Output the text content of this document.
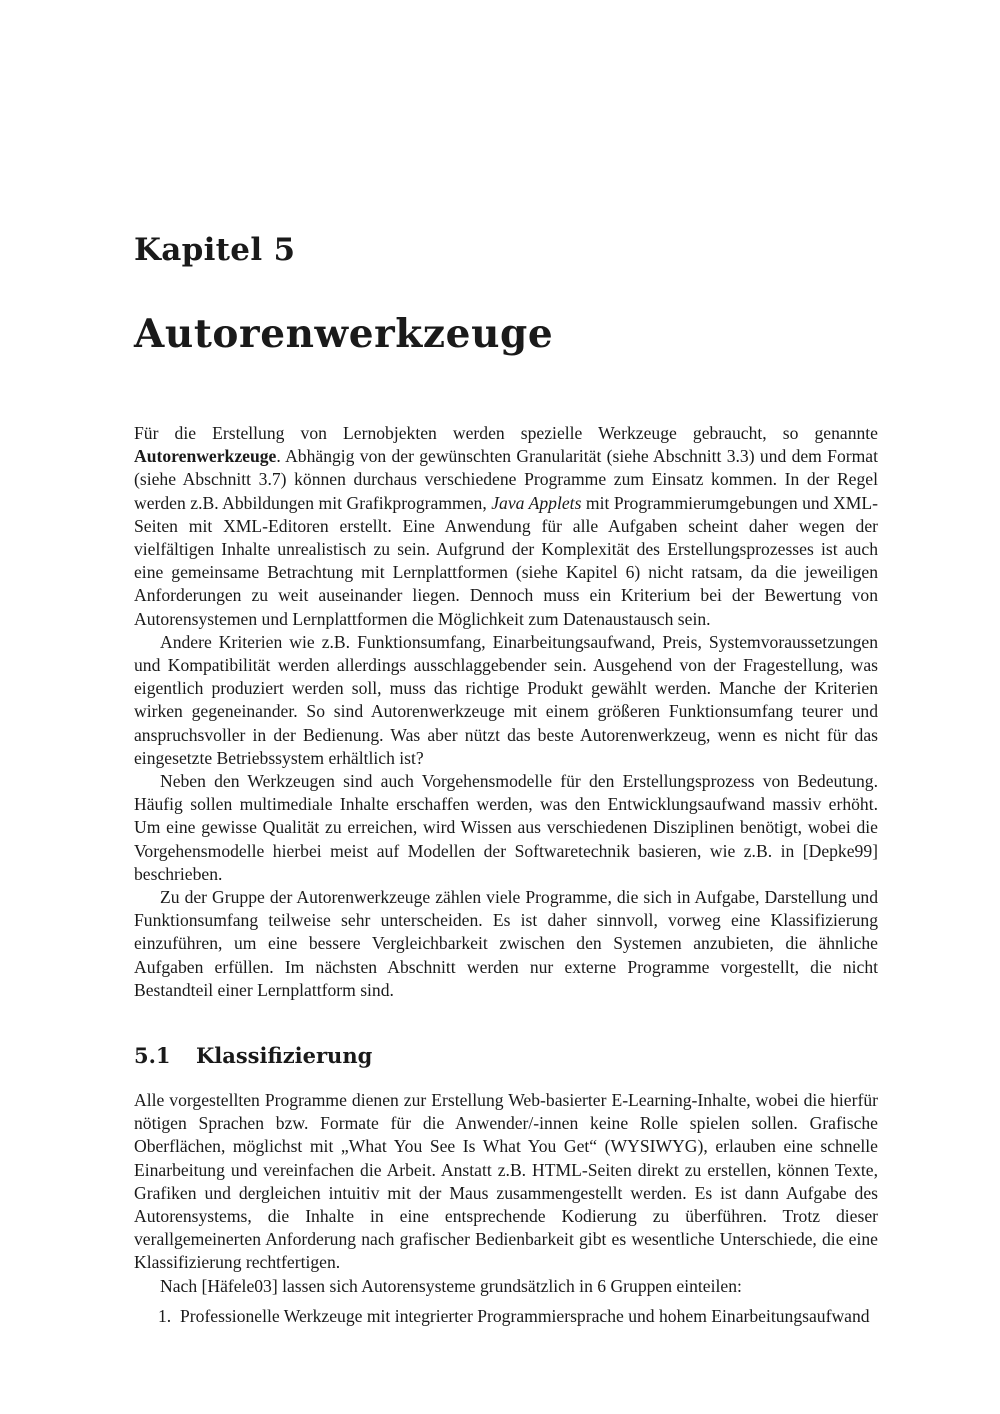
Kapitel 5
Autorenwerkzeuge

Für die Erstellung von Lernobjekten werden spezielle Werkzeuge gebraucht, so genannte Autorenwerkzeuge. Abhängig von der gewünschten Granularität (siehe Abschnitt 3.3) und dem Format (siehe Abschnitt 3.7) können durchaus verschiedene Programme zum Einsatz kommen. In der Regel werden z.B. Abbildungen mit Grafikprogrammen, Java Applets mit Programmierumgebungen und XML-Seiten mit XML-Editoren erstellt. Eine Anwendung für alle Aufgaben scheint daher wegen der vielfältigen Inhalte unrealistisch zu sein. Aufgrund der Komplexität des Erstellungsprozesses ist auch eine gemeinsame Betrachtung mit Lernplattformen (siehe Kapitel 6) nicht ratsam, da die jeweiligen Anforderungen zu weit auseinander liegen. Dennoch muss ein Kriterium bei der Bewertung von Autorensystemen und Lernplattformen die Möglichkeit zum Datenaustausch sein.

Andere Kriterien wie z.B. Funktionsumfang, Einarbeitungsaufwand, Preis, Systemvoraussetzungen und Kompatibilität werden allerdings ausschlaggebender sein. Ausgehend von der Fragestellung, was eigentlich produziert werden soll, muss das richtige Produkt gewählt werden. Manche der Kriterien wirken gegeneinander. So sind Autorenwerkzeuge mit einem größeren Funktionsumfang teurer und anspruchsvoller in der Bedienung. Was aber nützt das beste Autorenwerkzeug, wenn es nicht für das eingesetzte Betriebssystem erhältlich ist?

Neben den Werkzeugen sind auch Vorgehensmodelle für den Erstellungsprozess von Bedeutung. Häufig sollen multimediale Inhalte erschaffen werden, was den Entwicklungsaufwand massiv erhöht. Um eine gewisse Qualität zu erreichen, wird Wissen aus verschiedenen Disziplinen benötigt, wobei die Vorgehensmodelle hierbei meist auf Modellen der Softwaretechnik basieren, wie z.B. in [Depke99] beschrieben.

Zu der Gruppe der Autorenwerkzeuge zählen viele Programme, die sich in Aufgabe, Darstellung und Funktionsumfang teilweise sehr unterscheiden. Es ist daher sinnvoll, vorweg eine Klassifizierung einzuführen, um eine bessere Vergleichbarkeit zwischen den Systemen anzubieten, die ähnliche Aufgaben erfüllen. Im nächsten Abschnitt werden nur externe Programme vorgestellt, die nicht Bestandteil einer Lernplattform sind.

5.1 Klassifizierung

Alle vorgestellten Programme dienen zur Erstellung Web-basierter E-Learning-Inhalte, wobei die hierfür nötigen Sprachen bzw. Formate für die Anwender/-innen keine Rolle spielen sollen. Grafische Oberflächen, möglichst mit „What You See Is What You Get“ (WYSIWYG), erlauben eine schnelle Einarbeitung und vereinfachen die Arbeit. Anstatt z.B. HTML-Seiten direkt zu erstellen, können Texte, Grafiken und dergleichen intuitiv mit der Maus zusammengestellt werden. Es ist dann Aufgabe des Autorensystems, die Inhalte in eine entsprechende Kodierung zu überführen. Trotz dieser verallgemeinerten Anforderung nach grafischer Bedienbarkeit gibt es wesentliche Unterschiede, die eine Klassifizierung rechtfertigen.

Nach [Häfele03] lassen sich Autorensysteme grundsätzlich in 6 Gruppen einteilen:

1. Professionelle Werkzeuge mit integrierter Programmiersprache und hohem Einarbeitungsaufwand
